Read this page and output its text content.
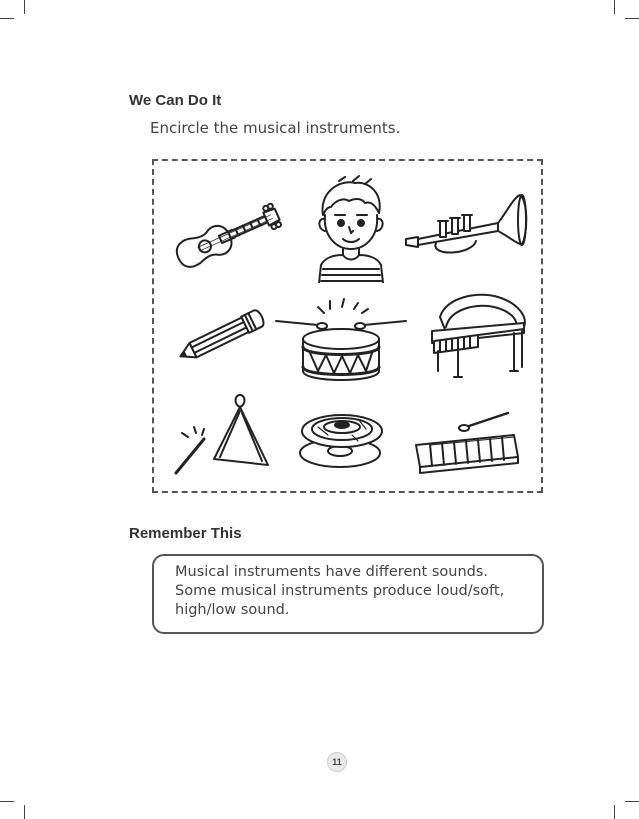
We Can Do It
Encircle the musical instruments.
Remember This
Musical instruments have different sounds.
Some musical instruments produce loud/soft,
high/low sound.
11
